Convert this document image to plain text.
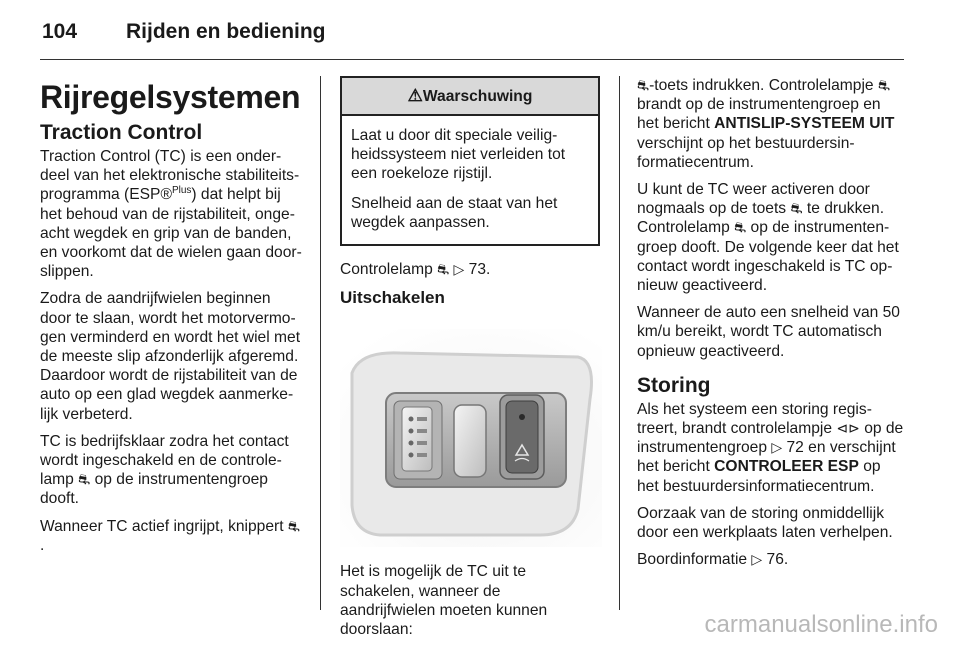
104 Rijden en bediening
Rijregelsystemen
Traction Control

Traction Control (TC) is een onderdeel van het elektronische stabiliteitsprogramma (ESP®$^{Plus}$) dat helpt bij het behoud van de rijstabiliteit, ongeacht wegdek en grip van de banden, en voorkomt dat de wielen gaan doorslippen.

Zodra de aandrijfwielen beginnen door te slaan, wordt het motorvermogen verminderd en wordt het wiel met de meeste slip afzonderlijk afgeremd. Daardoor wordt de rijstabiliteit van de auto op een glad wegdek aanmerkelijk verbeterd.

TC is bedrijfsklaar zodra het contact wordt ingeschakeld en de controlelamp ⛐ op de instrumentengroep dooft.

Wanneer TC actief ingrijpt, knippert ⛐.

⚠Waarschuwing

Laat u door dit speciale veiligheidssysteem niet verleiden tot een roekeloze rijstijl.

Snelheid aan de staat van het wegdek aanpassen.

Controlelamp ⛐ ▷ 73.

Uitschakelen

Het is mogelijk de TC uit te schakelen, wanneer de aandrijfwielen moeten kunnen doorslaan:

⛐-toets indrukken. Controlelampje ⛐ brandt op de instrumentengroep en het bericht ANTISLIP-SYSTEEM UIT verschijnt op het bestuurdersinformatiecentrum.

U kunt de TC weer activeren door nogmaals op de toets ⛐ te drukken. Controlelamp ⛐ op de instrumentengroep dooft. De volgende keer dat het contact wordt ingeschakeld is TC opnieuw geactiveerd.

Wanneer de auto een snelheid van 50 km/u bereikt, wordt TC automatisch opnieuw geactiveerd.

Storing

Als het systeem een storing registreert, brandt controlelampje ⊲⊳ op de instrumentengroep ▷ 72 en verschijnt het bericht CONTROLEER ESP op het bestuurdersinformatiecentrum.

Oorzaak van de storing onmiddellijk door een werkplaats laten verhelpen.

Boordinformatie ▷ 76.

carmanualsonline.info
